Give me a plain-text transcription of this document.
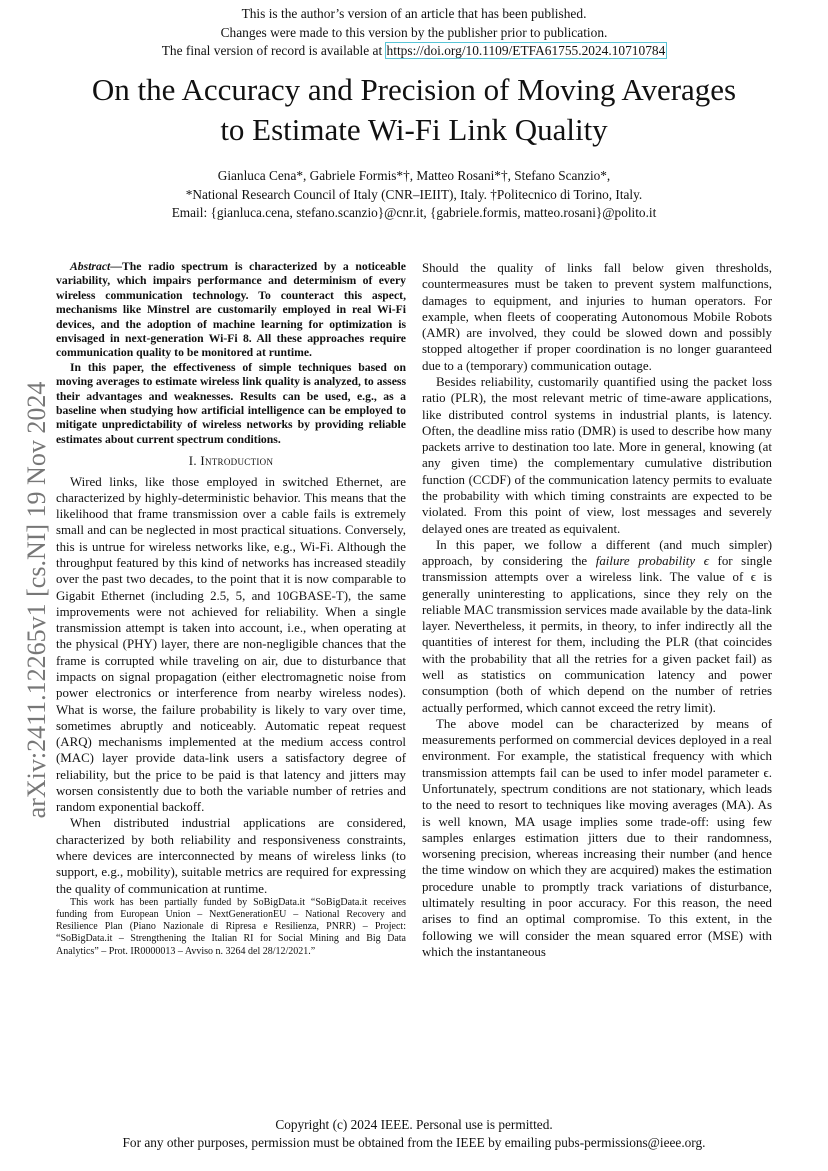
This is the author’s version of an article that has been published.
Changes were made to this version by the publisher prior to publication.
The final version of record is available at https://doi.org/10.1109/ETFA61755.2024.10710784
On the Accuracy and Precision of Moving Averages
to Estimate Wi-Fi Link Quality
Gianluca Cena*, Gabriele Formis*†, Matteo Rosani*†, Stefano Scanzio*,
*National Research Council of Italy (CNR–IEIIT), Italy. †Politecnico di Torino, Italy.
Email: {gianluca.cena, stefano.scanzio}@cnr.it, {gabriele.formis, matteo.rosani}@polito.it
arXiv:2411.12265v1 [cs.NI] 19 Nov 2024

Abstract—The radio spectrum is characterized by a noticeable variability, which impairs performance and determinism of every wireless communication technology. To counteract this aspect, mechanisms like Minstrel are customarily employed in real Wi-Fi devices, and the adoption of machine learning for optimization is envisaged in next-generation Wi-Fi 8. All these approaches require communication quality to be monitored at runtime.

In this paper, the effectiveness of simple techniques based on moving averages to estimate wireless link quality is analyzed, to assess their advantages and weaknesses. Results can be used, e.g., as a baseline when studying how artificial intelligence can be employed to mitigate unpredictability of wireless networks by providing reliable estimates about current spectrum conditions.

I. Introduction

Wired links, like those employed in switched Ethernet, are characterized by highly-deterministic behavior. This means that the likelihood that frame transmission over a cable fails is extremely small and can be neglected in most practical situations. Conversely, this is untrue for wireless networks like, e.g., Wi-Fi. Although the throughput featured by this kind of networks has increased steadily over the past two decades, to the point that it is now comparable to Gigabit Ethernet (including 2.5, 5, and 10GBASE-T), the same improvements were not achieved for reliability. When a single transmission attempt is taken into account, i.e., when operating at the physical (PHY) layer, there are non-negligible chances that the frame is corrupted while traveling on air, due to disturbance that impacts on signal propagation (either electromagnetic noise from power electronics or interference from nearby wireless nodes). What is worse, the failure probability is likely to vary over time, sometimes abruptly and noticeably. Automatic repeat request (ARQ) mechanisms implemented at the medium access control (MAC) layer provide data-link users a satisfactory degree of reliability, but the price to be paid is that latency and jitters may worsen consistently due to both the variable number of retries and random exponential backoff.

When distributed industrial applications are considered, characterized by both reliability and responsiveness constraints, where devices are interconnected by means of wireless links (to support, e.g., mobility), suitable metrics are required for expressing the quality of communication at runtime.

This work has been partially funded by SoBigData.it “SoBigData.it receives funding from European Union – NextGenerationEU – National Recovery and Resilience Plan (Piano Nazionale di Ripresa e Resilienza, PNRR) – Project: “SoBigData.it – Strengthening the Italian RI for Social Mining and Big Data Analytics” – Prot. IR0000013 – Avviso n. 3264 del 28/12/2021.”

Should the quality of links fall below given thresholds, countermeasures must be taken to prevent system malfunctions, damages to equipment, and injuries to human operators. For example, when fleets of cooperating Autonomous Mobile Robots (AMR) are involved, they could be slowed down and possibly stopped altogether if proper coordination is no longer guaranteed due to a (temporary) communication outage.

Besides reliability, customarily quantified using the packet loss ratio (PLR), the most relevant metric of time-aware applications, like distributed control systems in industrial plants, is latency. Often, the deadline miss ratio (DMR) is used to describe how many packets arrive to destination too late. More in general, knowing (at any given time) the complementary cumulative distribution function (CCDF) of the communication latency permits to evaluate the probability with which timing constraints are expected to be violated. From this point of view, lost messages and severely delayed ones are treated as equivalent.

In this paper, we follow a different (and much simpler) approach, by considering the failure probability ϵ for single transmission attempts over a wireless link. The value of ϵ is generally uninteresting to applications, since they rely on the reliable MAC transmission services made available by the data-link layer. Nevertheless, it permits, in theory, to infer indirectly all the quantities of interest for them, including the PLR (that coincides with the probability that all the retries for a given packet fail) as well as statistics on communication latency and power consumption (both of which depend on the number of retries actually performed, which cannot exceed the retry limit).

The above model can be characterized by means of measurements performed on commercial devices deployed in a real environment. For example, the statistical frequency with which transmission attempts fail can be used to infer model parameter ϵ. Unfortunately, spectrum conditions are not stationary, which leads to the need to resort to techniques like moving averages (MA). As is well known, MA usage implies some trade-off: using few samples enlarges estimation jitters due to their randomness, worsening precision, whereas increasing their number (and hence the time window on which they are acquired) makes the estimation procedure unable to promptly track variations of disturbance, ultimately resulting in poor accuracy. For this reason, the need arises to find an optimal compromise. To this extent, in the following we will consider the mean squared error (MSE) with which the instantaneous

Copyright (c) 2024 IEEE. Personal use is permitted.
For any other purposes, permission must be obtained from the IEEE by emailing pubs-permissions@ieee.org.
